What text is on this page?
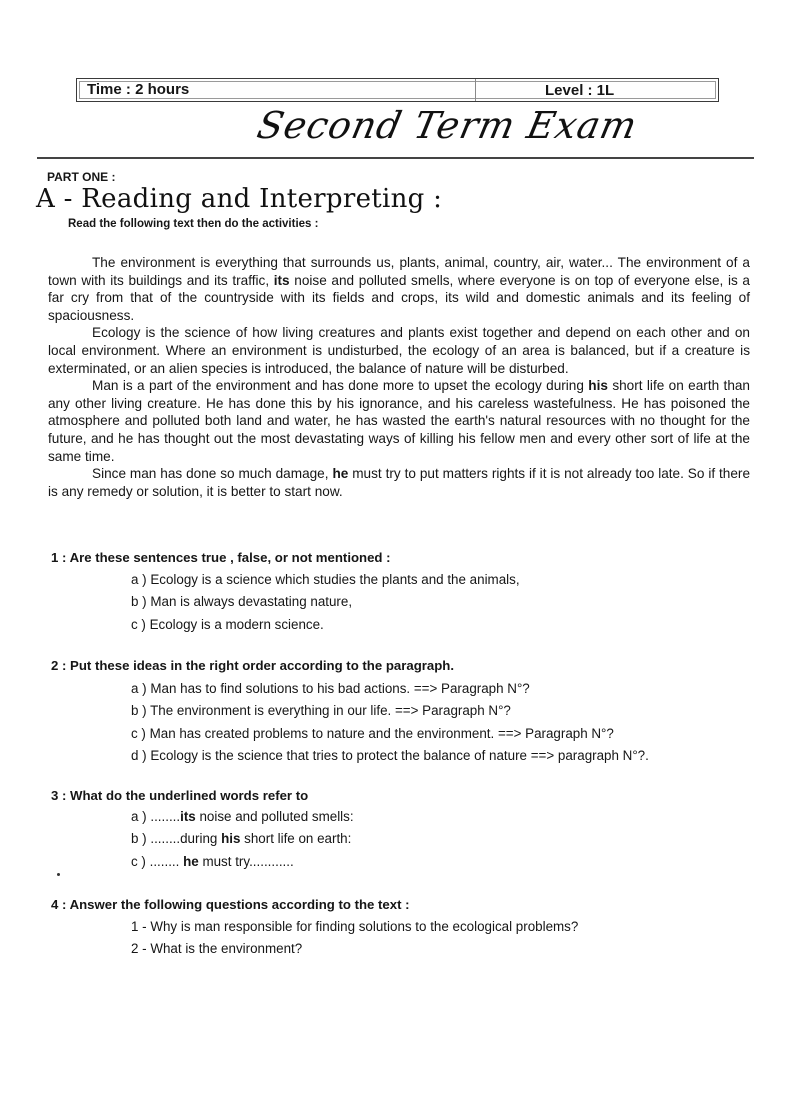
Time : 2 hours	Level : 1L
Second Term Exam
PART ONE :
A - Reading and Interpreting :
Read the following text then do the activities :

The environment is everything that surrounds us, plants, animal, country, air, water... The environment of a town with its buildings and its traffic, its noise and polluted smells, where everyone is on top of everyone else, is a far cry from that of the countryside with its fields and crops, its wild and domestic animals and its feeling of spaciousness.

Ecology is the science of how living creatures and plants exist together and depend on each other and on local environment. Where an environment is undisturbed, the ecology of an area is balanced, but if a creature is exterminated, or an alien species is introduced, the balance of nature will be disturbed.

Man is a part of the environment and has done more to upset the ecology during his short life on earth than any other living creature. He has done this by his ignorance, and his careless wastefulness. He has poisoned the atmosphere and polluted both land and water, he has wasted the earth's natural resources with no thought for the future, and he has thought out the most devastating ways of killing his fellow men and every other sort of life at the same time.

Since man has done so much damage, he must try to put matters rights if it is not already too late. So if there is any remedy or solution, it is better to start now.

1 : Are these sentences true , false, or not mentioned :
a ) Ecology is a science which studies the plants and the animals,
b ) Man is always devastating nature,
c ) Ecology is a modern science.
2 : Put these ideas in the right order according to the paragraph.
a ) Man has to find solutions to his bad actions. ==> Paragraph N°?
b ) The environment is everything in our life. ==> Paragraph N°?
c ) Man has created problems to nature and the environment. ==> Paragraph N°?
d ) Ecology is the science that tries to protect the balance of nature ==> paragraph N°?.
3 : What do the underlined words refer to
a ) ........its noise and polluted smells:
b ) ........during his short life on earth:
c ) ........ he must try............
4 : Answer the following questions according to the text :
1 - Why is man responsible for finding solutions to the ecological problems?
2 - What is the environment?
